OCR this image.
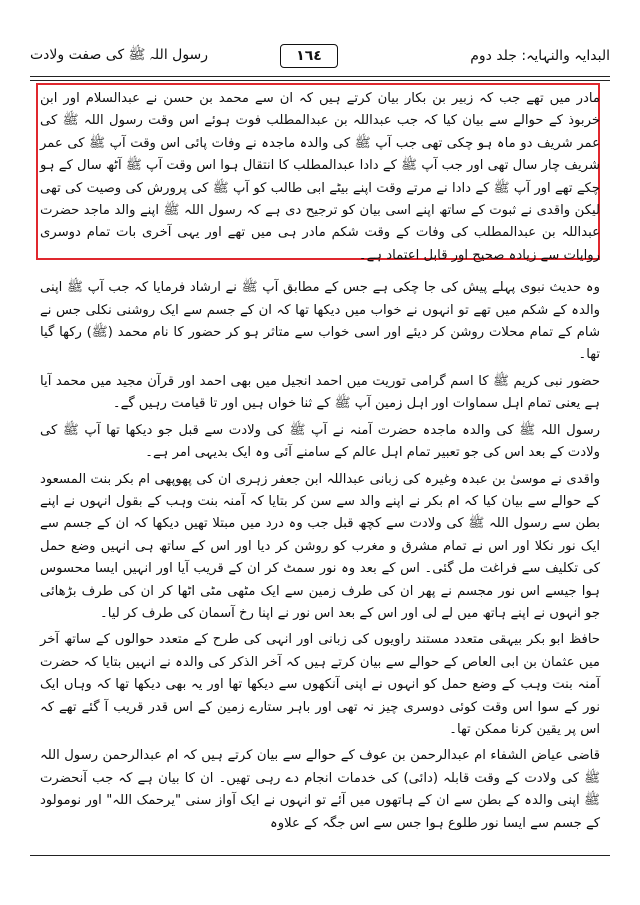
رسول اللہ ﷺ کی صفت ولادت	البدایہ والنہایہ: جلد دوم
١٦٤

مادر میں تھے جب کہ زبیر بن بکار بیان کرتے ہیں کہ ان سے محمد بن حسن نے عبدالسلام اور ابن خربوذ کے حوالے سے بیان کیا کہ جب عبداللہ بن عبدالمطلب فوت ہوئے اس وقت رسول اللہ ﷺ کی عمر شریف دو ماہ ہو چکی تھی جب آپ ﷺ کی والدہ ماجدہ نے وفات پائی اس وقت آپ ﷺ کی عمر شریف چار سال تھی اور جب آپ ﷺ کے دادا عبدالمطلب کا انتقال ہوا اس وقت آپ ﷺ آٹھ سال کے ہو چکے تھے اور آپ ﷺ کے دادا نے مرتے وقت اپنے بیٹے ابی طالب کو آپ ﷺ کی پرورش کی وصیت کی تھی لیکن واقدی نے ثبوت کے ساتھ اپنے اسی بیان کو ترجیح دی ہے کہ رسول اللہ ﷺ اپنے والد ماجد حضرت عبداللہ بن عبدالمطلب کی وفات کے وقت شکم مادر ہی میں تھے اور یہی آخری بات تمام دوسری روایات سے زیادہ صحیح اور قابل اعتماد ہے۔

وہ حدیث نبوی پہلے پیش کی جا چکی ہے جس کے مطابق آپ ﷺ نے ارشاد فرمایا کہ جب آپ ﷺ اپنی والدہ کے شکم میں تھے تو انہوں نے خواب میں دیکھا تھا کہ ان کے جسم سے ایک روشنی نکلی جس نے شام کے تمام محلات روشن کر دیئے اور اسی خواب سے متاثر ہو کر حضور کا نام محمد (ﷺ) رکھا گیا تھا۔

حضور نبی کریم ﷺ کا اسم گرامی توریت میں احمد انجیل میں بھی احمد اور قرآن مجید میں محمد آیا ہے یعنی تمام اہل سماوات اور اہل زمین آپ ﷺ کے ثنا خواں ہیں اور تا قیامت رہیں گے۔

رسول اللہ ﷺ کی والدہ ماجدہ حضرت آمنہ نے آپ ﷺ کی ولادت سے قبل جو دیکھا تھا آپ ﷺ کی ولادت کے بعد اس کی جو تعبیر تمام اہل عالم کے سامنے آئی وہ ایک بدیہی امر ہے۔

واقدی نے موسیٰ بن عبدہ وغیرہ کی زبانی عبداللہ ابن جعفر زہری ان کی پھوپھی ام بکر بنت المسعود کے حوالے سے بیان کیا کہ ام بکر نے اپنے والد سے سن کر بتایا کہ آمنہ بنت وہب کے بقول انہوں نے اپنے بطن سے رسول اللہ ﷺ کی ولادت سے کچھ قبل جب وہ درد میں مبتلا تھیں دیکھا کہ ان کے جسم سے ایک نور نکلا اور اس نے تمام مشرق و مغرب کو روشن کر دیا اور اس کے ساتھ ہی انہیں وضع حمل کی تکلیف سے فراغت مل گئی۔ اس کے بعد وہ نور سمٹ کر ان کے قریب آیا اور انہیں ایسا محسوس ہوا جیسے اس نور مجسم نے پھر ان کی طرف زمین سے ایک مٹھی مٹی اٹھا کر ان کی طرف بڑھائی جو انہوں نے اپنے ہاتھ میں لے لی اور اس کے بعد اس نور نے اپنا رخ آسمان کی طرف کر لیا۔

حافظ ابو بکر بیہقی متعدد مستند راویوں کی زبانی اور انہی کی طرح کے متعدد حوالوں کے ساتھ آخر میں عثمان بن ابی العاص کے حوالے سے بیان کرتے ہیں کہ آخر الذکر کی والدہ نے انہیں بتایا کہ حضرت آمنہ بنت وہب کے وضع حمل کو انہوں نے اپنی آنکھوں سے دیکھا تھا اور یہ بھی دیکھا تھا کہ وہاں ایک نور کے سوا اس وقت کوئی دوسری چیز نہ تھی اور باہر ستارے زمین کے اس قدر قریب آ گئے تھے کہ اس پر یقین کرنا ممکن تھا۔

قاضی عیاض الشفاء ام عبدالرحمن بن عوف کے حوالے سے بیان کرتے ہیں کہ ام عبدالرحمن رسول اللہ ﷺ کی ولادت کے وقت قابلہ (دائی) کی خدمات انجام دے رہی تھیں۔ ان کا بیان ہے کہ جب آنحضرت ﷺ اپنی والدہ کے بطن سے ان کے ہاتھوں میں آئے تو انہوں نے ایک آواز سنی "یرحمک اللہ" اور نومولود کے جسم سے ایسا نور طلوع ہوا جس سے اس جگہ کے علاوہ
